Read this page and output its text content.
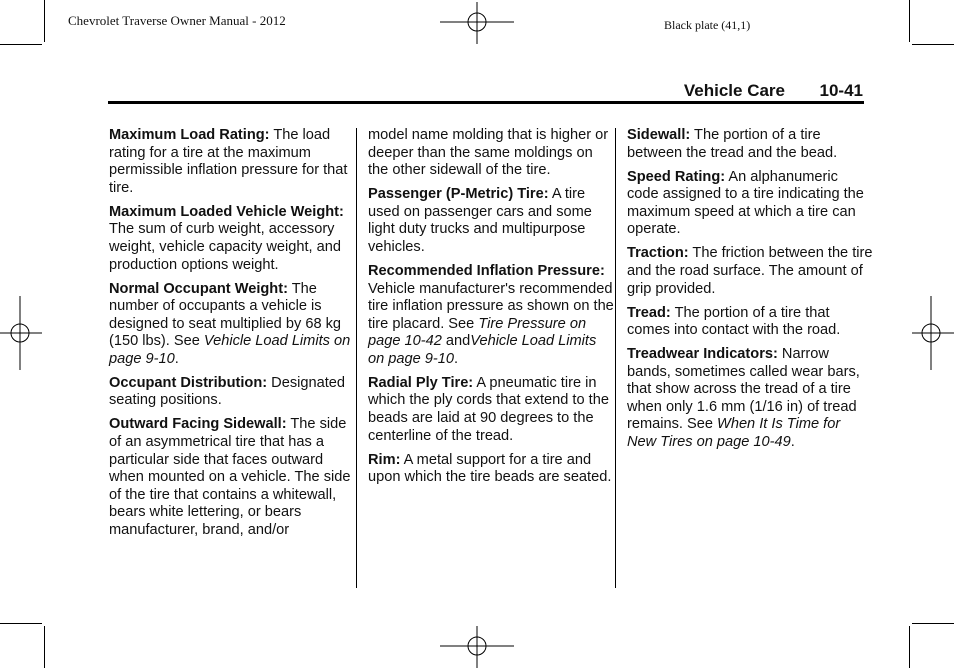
Chevrolet Traverse Owner Manual - 2012	Black plate (41,1)
Vehicle Care 10-41

Maximum Load Rating: The load rating for a tire at the maximum permissible inflation pressure for that tire.

Maximum Loaded Vehicle Weight: The sum of curb weight, accessory weight, vehicle capacity weight, and production options weight.

Normal Occupant Weight: The number of occupants a vehicle is designed to seat multiplied by 68 kg (150 lbs). See Vehicle Load Limits on page 9-10.

Occupant Distribution: Designated seating positions.

Outward Facing Sidewall: The side of an asymmetrical tire that has a particular side that faces outward when mounted on a vehicle. The side of the tire that contains a whitewall, bears white lettering, or bears manufacturer, brand, and/or

model name molding that is higher or deeper than the same moldings on the other sidewall of the tire.

Passenger (P-Metric) Tire: A tire used on passenger cars and some light duty trucks and multipurpose vehicles.

Recommended Inflation Pressure: Vehicle manufacturer's recommended tire inflation pressure as shown on the tire placard. See Tire Pressure on page 10-42 andVehicle Load Limits on page 9-10.

Radial Ply Tire: A pneumatic tire in which the ply cords that extend to the beads are laid at 90 degrees to the centerline of the tread.

Rim: A metal support for a tire and upon which the tire beads are seated.

Sidewall: The portion of a tire between the tread and the bead.

Speed Rating: An alphanumeric code assigned to a tire indicating the maximum speed at which a tire can operate.

Traction: The friction between the tire and the road surface. The amount of grip provided.

Tread: The portion of a tire that comes into contact with the road.

Treadwear Indicators: Narrow bands, sometimes called wear bars, that show across the tread of a tire when only 1.6 mm (1/16 in) of tread remains. See When It Is Time for New Tires on page 10-49.
